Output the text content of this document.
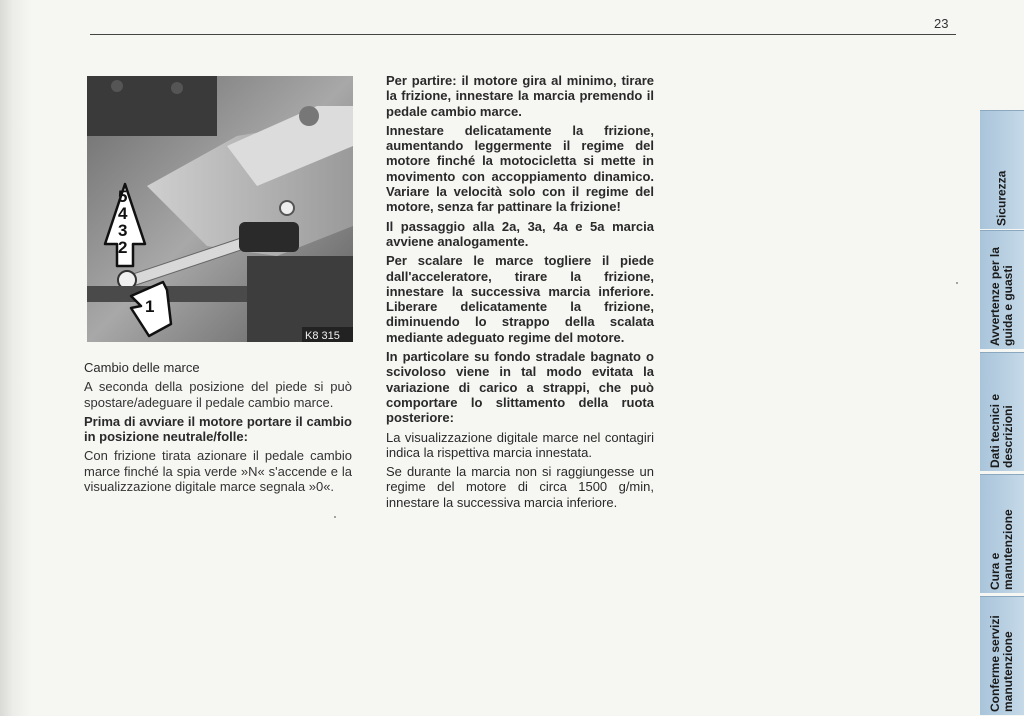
23
5
4
3
2
1
K8 315

Cambio delle marce

A seconda della posizione del piede si può spostare/adeguare il pedale cambio marce.

Prima di avviare il motore portare il cambio in posizione neutrale/folle:

Con frizione tirata azionare il pedale cambio marce finché la spia verde »N« s'accende e la visualizzazione digitale marce segnala »0«.

Per partire: il motore gira al minimo, tirare la frizione, innestare la marcia premendo il pedale cambio marce.

Innestare delicatamente la frizione, aumentando leggermente il regime del motore finché la motocicletta si mette in movimento con accoppiamento dinamico. Variare la velocità solo con il regime del motore, senza far pattinare la frizione!

Il passaggio alla 2a, 3a, 4a e 5a marcia avviene analogamente.

Per scalare le marce togliere il piede dall'acceleratore, tirare la frizione, innestare la successiva marcia inferiore. Liberare delicatamente la frizione, diminuendo lo strappo della scalata mediante adeguato regime del motore.

In particolare su fondo stradale bagnato o scivoloso viene in tal modo evitata la variazione di carico a strappi, che può comportare lo slittamento della ruota posteriore:

La visualizzazione digitale marce nel contagiri indica la rispettiva marcia innestata.

Se durante la marcia non si raggiungesse un regime del motore di circa 1500 g/min, innestare la successiva marcia inferiore.

Sicurezza
Avvertenze per la guida e guasti
Dati tecnici e descrizioni
Cura e manutenzione
Conferme servizi manutenzione
